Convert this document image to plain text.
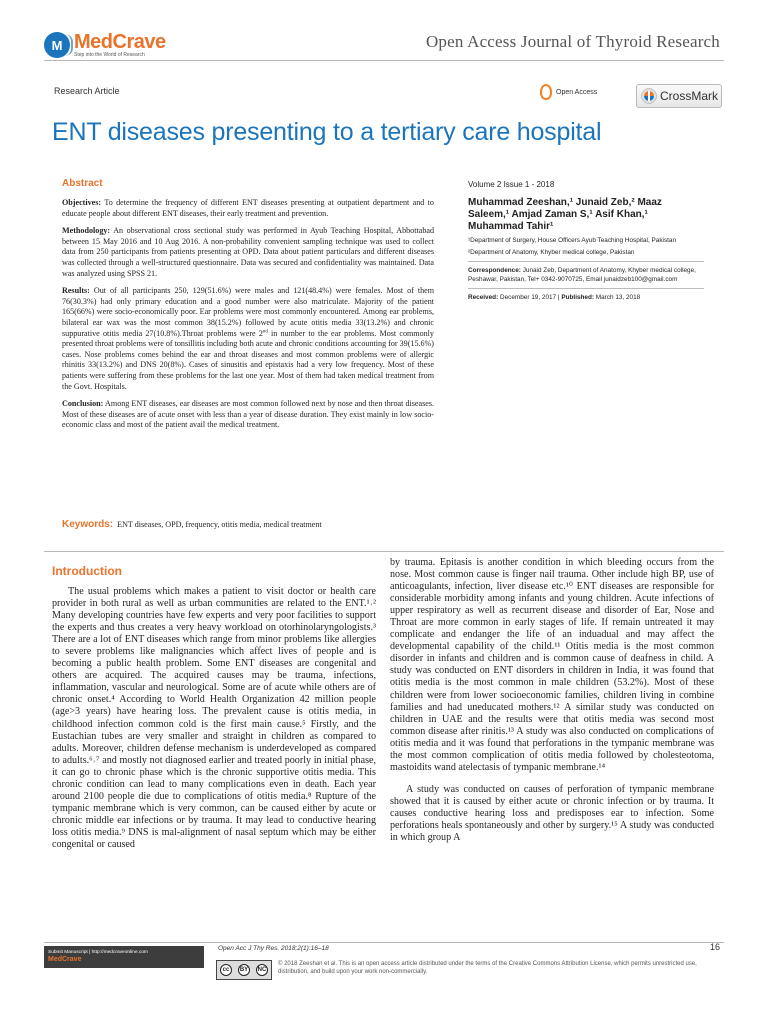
M MedCrave
Step into the World of Research
Open Access Journal of Thyroid Research
Research Article	Open Access	CrossMark
ENT diseases presenting to a tertiary care hospital
Abstract

Objectives: To determine the frequency of different ENT diseases presenting at outpatient department and to educate people about different ENT diseases, their early treatment and prevention.

Methodology: An observational cross sectional study was performed in Ayub Teaching Hospital, Abbottabad between 15 May 2016 and 10 Aug 2016. A non-probability convenient sampling technique was used to collect data from 250 participants from patients presenting at OPD. Data about patient particulars and different diseases was collected through a well-structured questionnaire. Data was secured and confidentiality was maintained. Data was analyzed using SPSS 21.

Results: Out of all participants 250, 129(51.6%) were males and 121(48.4%) were females. Most of them 76(30.3%) had only primary education and a good number were also matriculate. Majority of the patient 165(66%) were socio-economically poor. Ear problems were most commonly encountered. Among ear problems, bilateral ear wax was the most common 38(15.2%) followed by acute otitis media 33(13.2%) and chronic suppurative otitis media 27(10.8%).Throat problems were 2nd in number to the ear problems. Most commonly presented throat problems were of tonsillitis including both acute and chronic conditions accounting for 39(15.6%) cases. Nose problems comes behind the ear and throat diseases and most common problems were of allergic rhinitis 33(13.2%) and DNS 20(8%). Cases of sinusitis and epistaxis had a very low frequency. Most of these patients were suffering from these problems for the last one year. Most of them had taken medical treatment from the Govt. Hospitals.

Conclusion: Among ENT diseases, ear diseases are most common followed next by nose and then throat diseases. Most of these diseases are of acute onset with less than a year of disease duration. They exist mainly in low socio-economic class and most of the patient avail the medical treatment.

Keywords: ENT diseases, OPD, frequency, otitis media, medical treatment
Volume 2 Issue 1 - 2018
Muhammad Zeeshan,¹ Junaid Zeb,² Maaz Saleem,¹ Amjad Zaman S,¹ Asif Khan,¹ Muhammad Tahir¹

¹Department of Surgery, House Officers Ayub Teaching Hospital, Pakistan

²Department of Anatomy, Khyber medical college, Pakistan

Correspondence: Junaid Zeb, Department of Anatomy, Khyber medical college, Peshawar, Pakistan, Tel+ 0342-9070725, Email junaidzeb100@gmail.com
Received: December 19, 2017 | Published: March 13, 2018
Introduction

The usual problems which makes a patient to visit doctor or health care provider in both rural as well as urban communities are related to the ENT.¹˒² Many developing countries have few experts and very poor facilities to support the experts and thus creates a very heavy workload on otorhinolaryngologists.³ There are a lot of ENT diseases which range from minor problems like allergies to severe problems like malignancies which affect lives of people and is becoming a public health problem. Some ENT diseases are congenital and others are acquired. The acquired causes may be trauma, infections, inflammation, vascular and neurological. Some are of acute while others are of chronic onset.⁴ According to World Health Organization 42 million people (age>3 years) have hearing loss. The prevalent cause is otitis media, in childhood infection common cold is the first main cause.⁵ Firstly, and the Eustachian tubes are very smaller and straight in children as compared to adults. Moreover, children defense mechanism is underdeveloped as compared to adults.⁶˒⁷ and mostly not diagnosed earlier and treated poorly in initial phase, it can go to chronic phase which is the chronic supportive otitis media. This chronic condition can lead to many complications even in death. Each year around 2100 people die due to complications of otitis media.⁸ Rupture of the tympanic membrane which is very common, can be caused either by acute or chronic middle ear infections or by trauma. It may lead to conductive hearing loss otitis media.⁹ DNS is mal-alignment of nasal septum which may be either congenital or caused

by trauma. Epitasis is another condition in which bleeding occurs from the nose. Most common cause is finger nail trauma. Other include high BP, use of anticoagulants, infection, liver disease etc.¹⁰ ENT diseases are responsible for considerable morbidity among infants and young children. Acute infections of upper respiratory as well as recurrent disease and disorder of Ear, Nose and Throat are more common in early stages of life. If remain untreated it may complicate and endanger the life of an induadual and may affect the developmental capability of the child.¹¹ Otitis media is the most common disorder in infants and children and is common cause of deafness in child. A study was conducted on ENT disorders in children in India, it was found that otitis media is the most common in male children (53.2%). Most of these children were from lower socioeconomic families, children living in combine families and had uneducated mothers.¹² A similar study was conducted on children in UAE and the results were that otitis media was second most common disease after rinitis.¹³ A study was also conducted on complications of otitis media and it was found that perforations in the tympanic membrane was the most common complication of otitis media followed by cholesteotoma, mastoidits wand atelectasis of tympanic membrane.¹⁴

A study was conducted on causes of perforation of tympanic membrane showed that it is caused by either acute or chronic infection or by trauma. It causes conductive hearing loss and predisposes ear to infection. Some perforations heals spontaneously and other by surgery.¹⁵ A study was conducted in which group A

Submit Manuscript | http://medcraveonline.com
MedCrave
Open Acc J Thy Res. 2018;2(1):16–18	16
cc	BY	NC
© 2018 Zeeshan et al. This is an open access article distributed under the terms of the Creative Commons Attribution License, which permits unrestricted use, distribution, and build upon your work non-commercially.
